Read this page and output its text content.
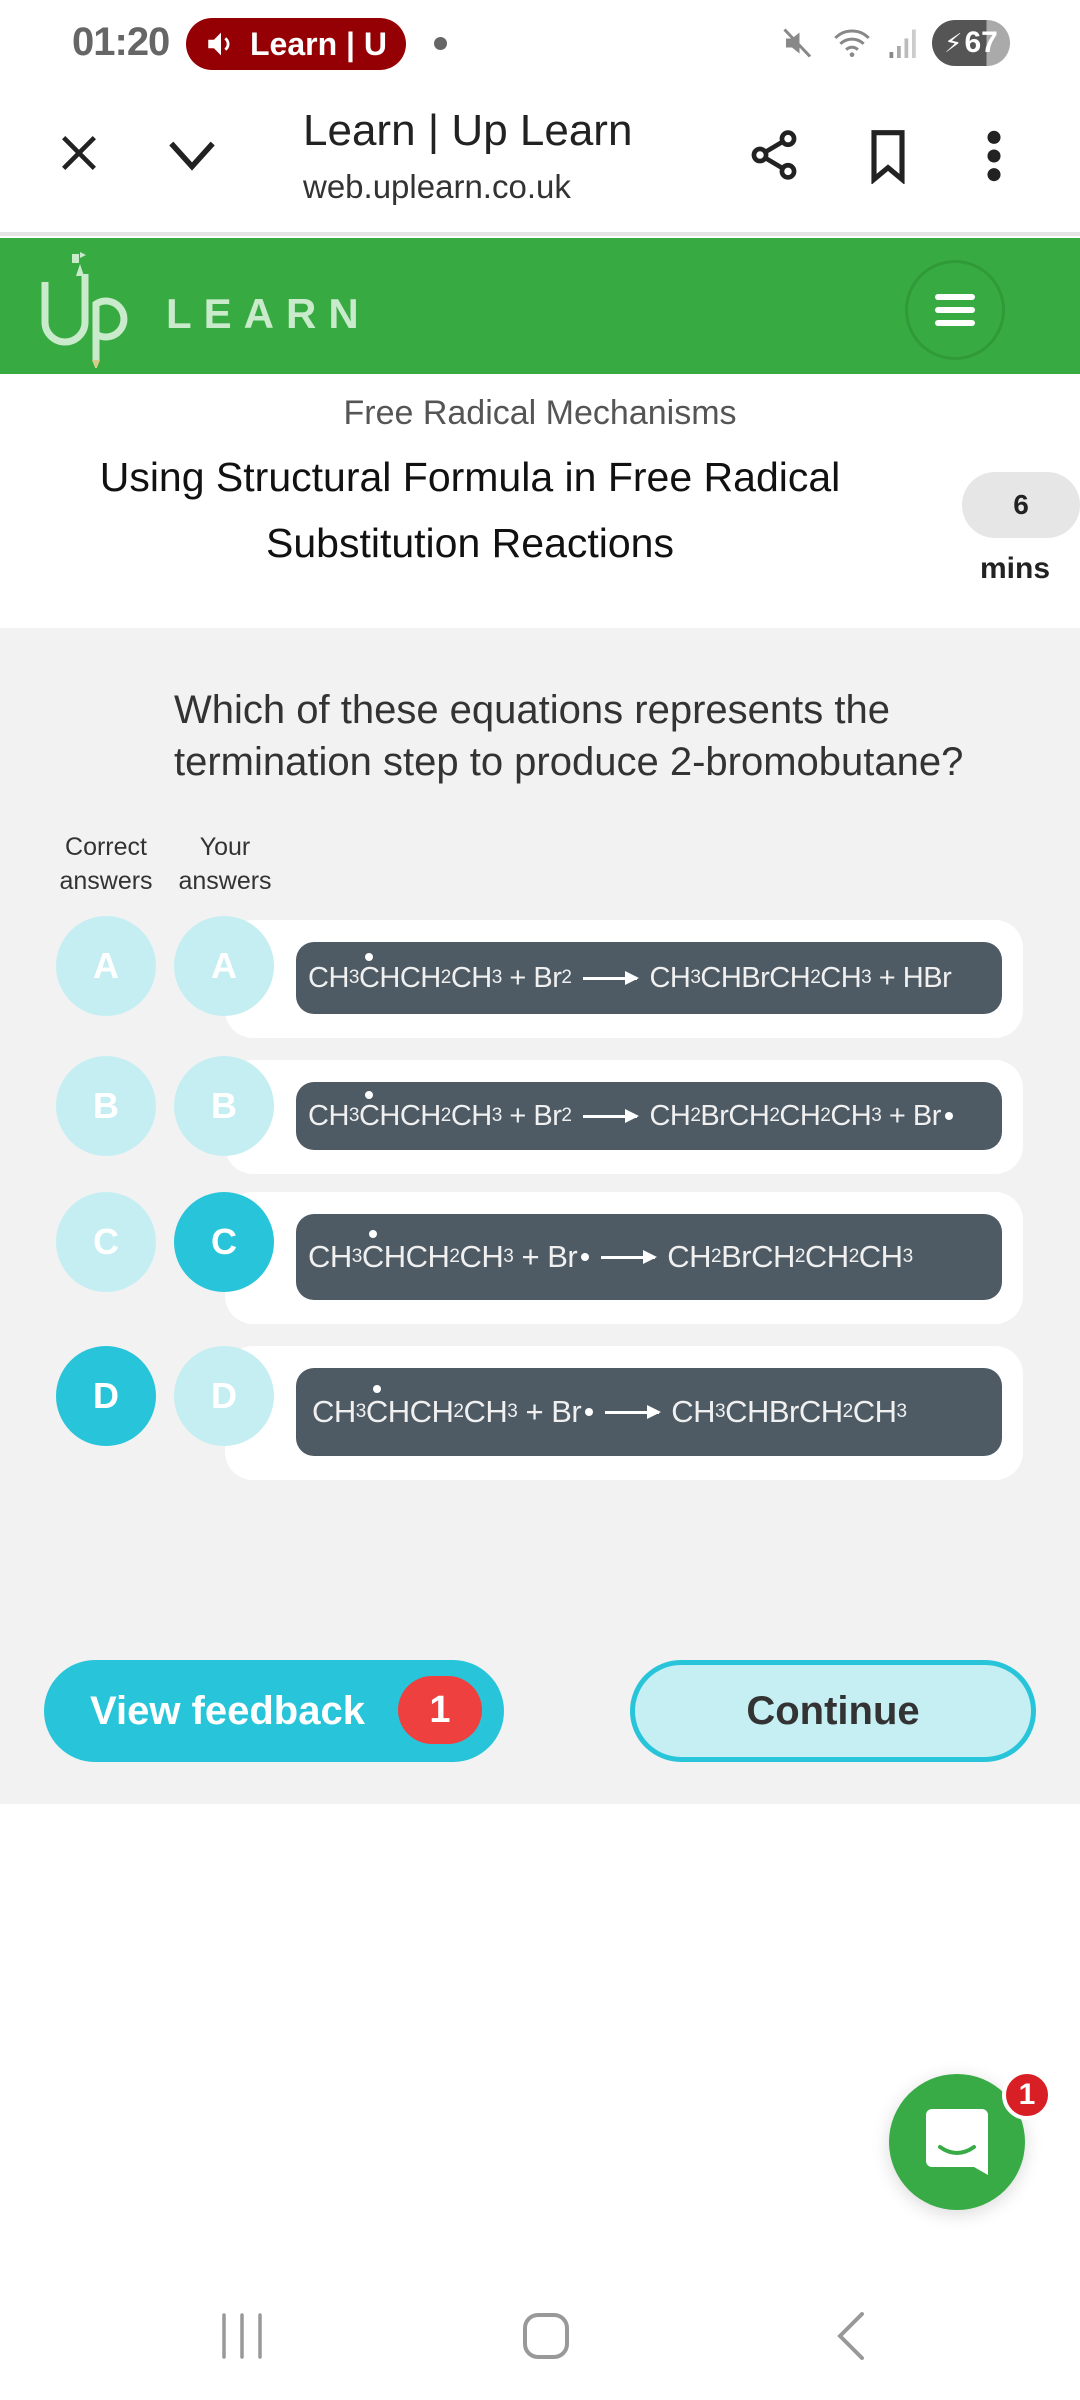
01:20	Learn | U	⚡ 67
Learn | Up Learn
web.uplearn.co.uk
LEARN
Free Radical Mechanisms
Using Structural Formula in Free Radical Substitution Reactions
6
mins
Which of these equations represents the termination step to produce 2-bromobutane?
Correct answers
Your answers
A	A	CH 3 C HCH 2 CH 3 + Br 2	CH 3 CHBrCH 2 CH 3 + HBr
B	B	CH 3 C HCH 2 CH 3 + Br 2	CH 2 BrCH 2 CH 2 CH 3 + Br
C	C	CH 3 C HCH 2 CH 3 + Br	CH 2 BrCH 2 CH 2 CH 3
D	D	CH 3 C HCH 2 CH 3 + Br	CH 3 CHBrCH 2 CH 3
View feedback	1	Continue
1
